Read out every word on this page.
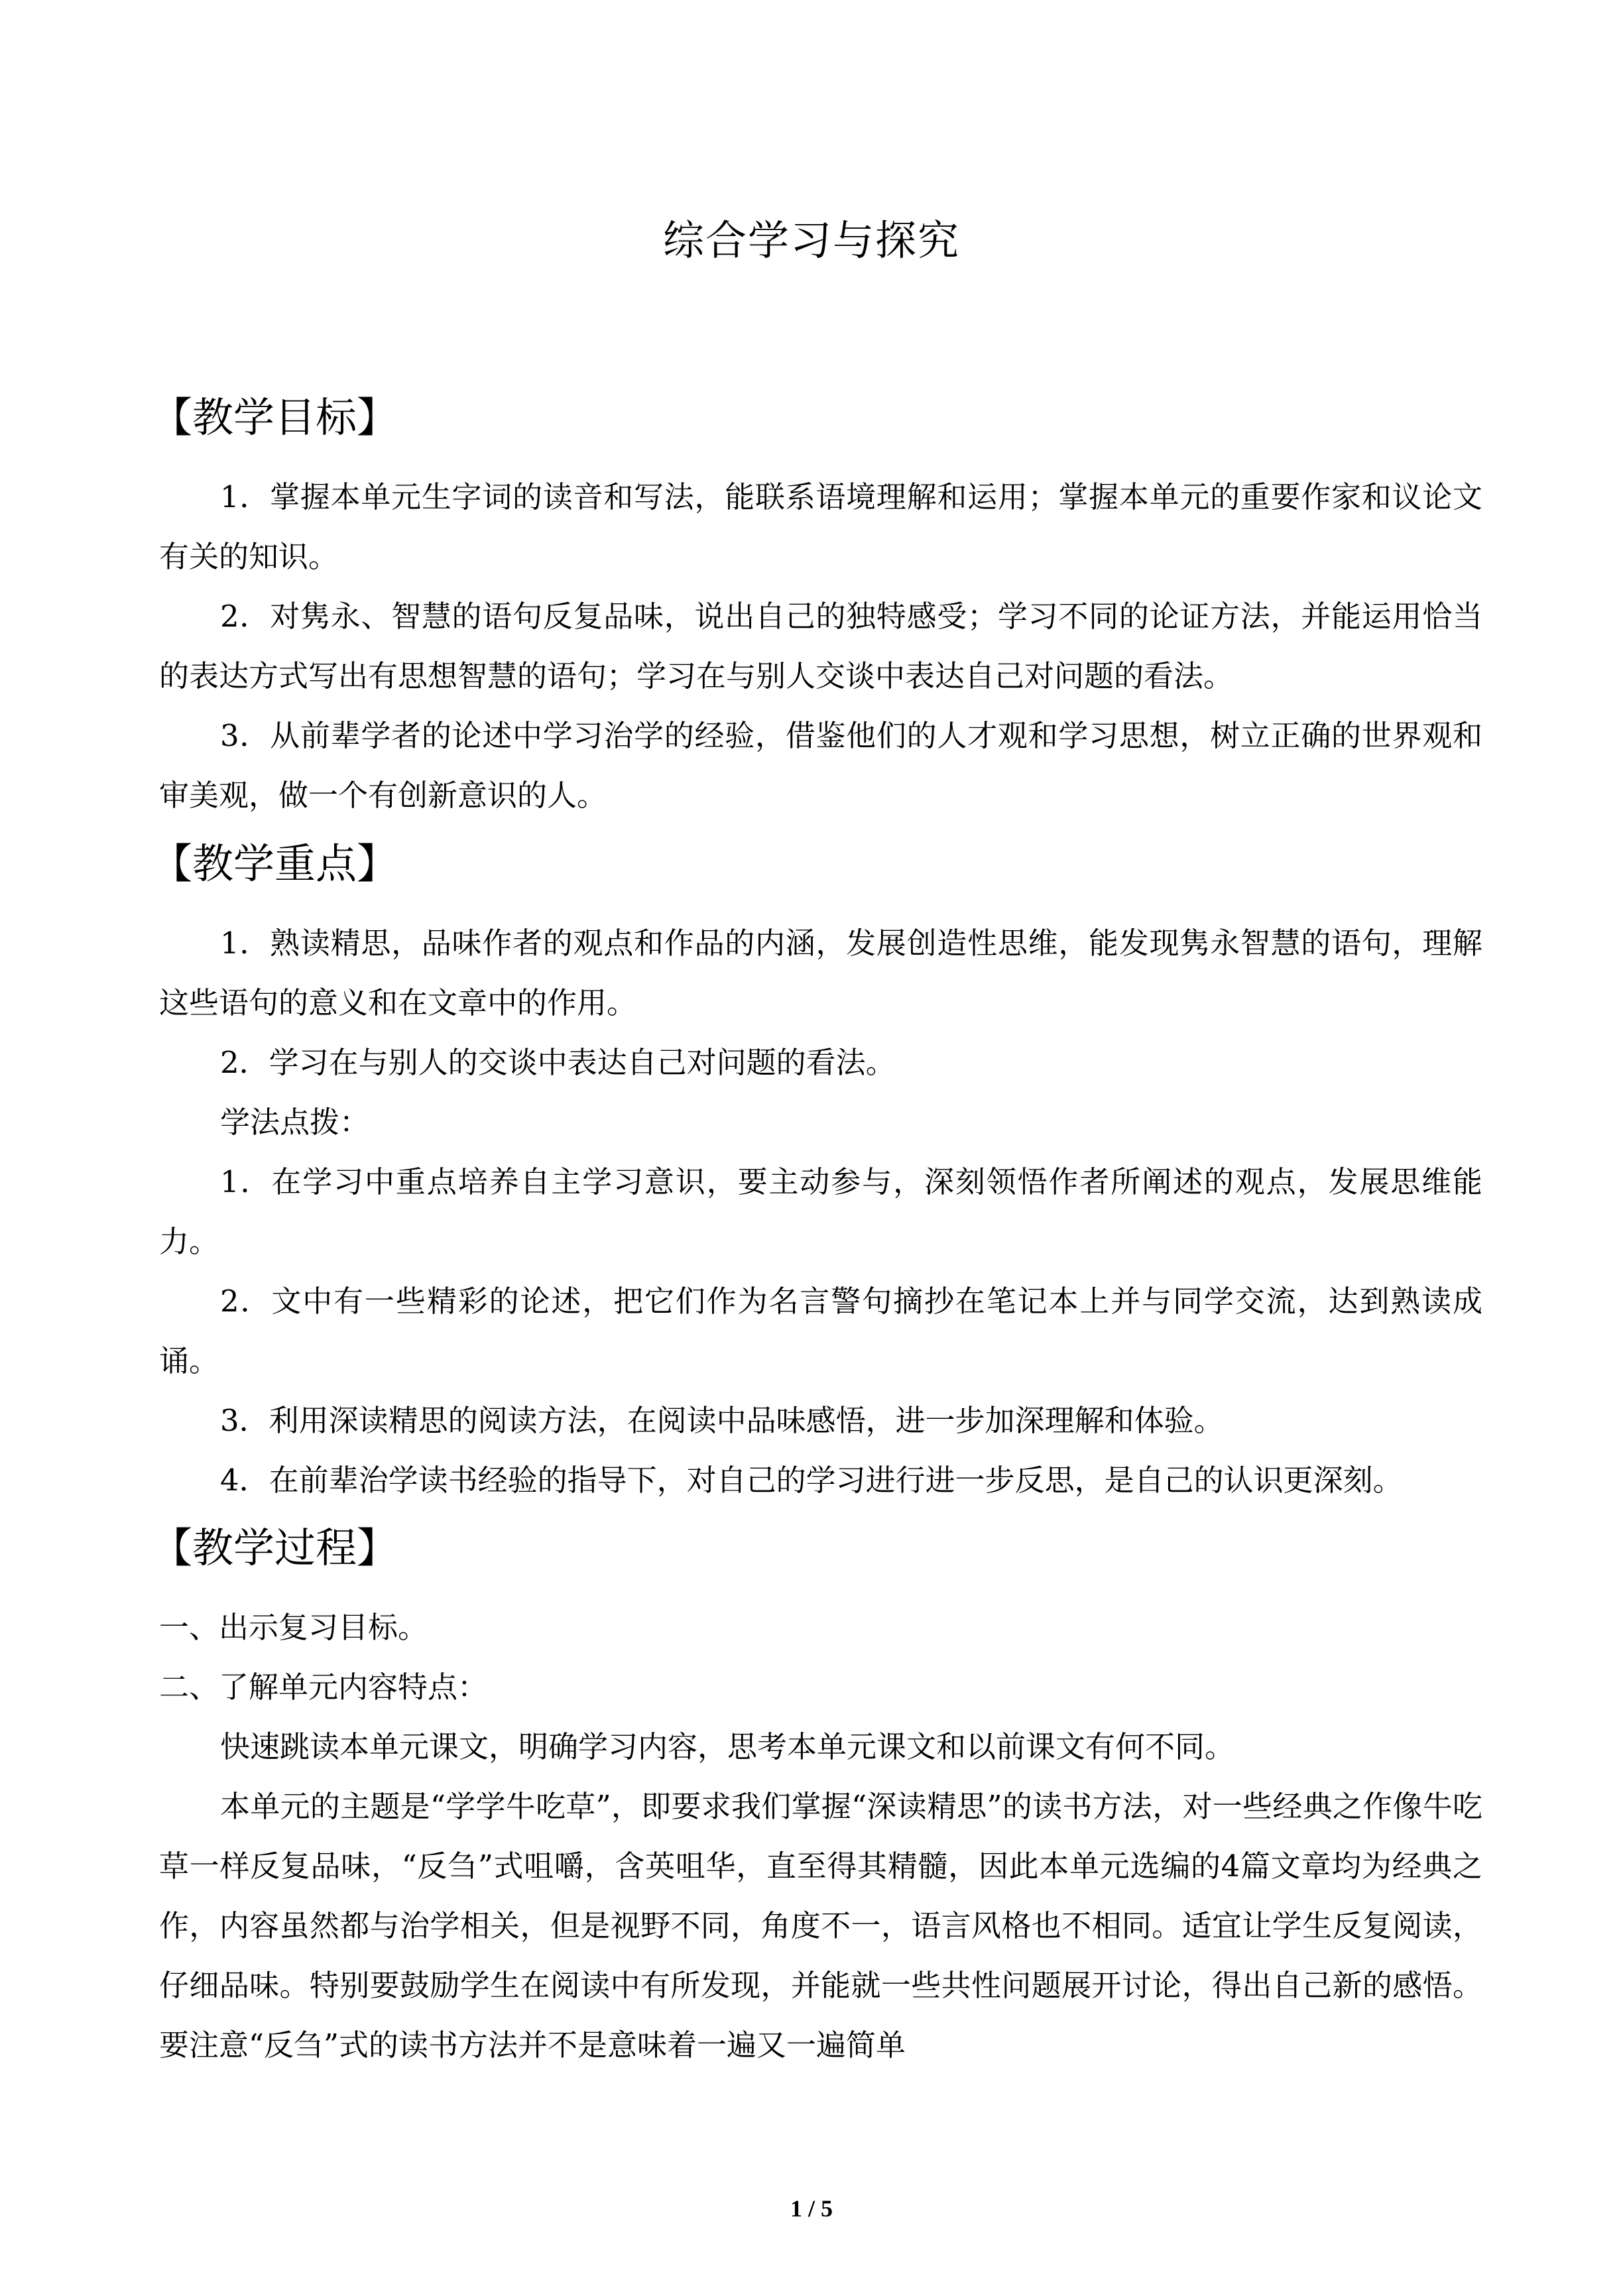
综合学习与探究
【教学目标】

1．掌握本单元生字词的读音和写法，能联系语境理解和运用；掌握本单元的重要作家和议论文有关的知识。

2．对隽永、智慧的语句反复品味，说出自己的独特感受；学习不同的论证方法，并能运用恰当的表达方式写出有思想智慧的语句；学习在与别人交谈中表达自己对问题的看法。

3．从前辈学者的论述中学习治学的经验，借鉴他们的人才观和学习思想，树立正确的世界观和审美观，做一个有创新意识的人。

【教学重点】

1．熟读精思，品味作者的观点和作品的内涵，发展创造性思维，能发现隽永智慧的语句，理解这些语句的意义和在文章中的作用。

2．学习在与别人的交谈中表达自己对问题的看法。

学法点拨：

1．在学习中重点培养自主学习意识，要主动参与，深刻领悟作者所阐述的观点，发展思维能力。

2．文中有一些精彩的论述，把它们作为名言警句摘抄在笔记本上并与同学交流，达到熟读成诵。

3．利用深读精思的阅读方法，在阅读中品味感悟，进一步加深理解和体验。

4．在前辈治学读书经验的指导下，对自己的学习进行进一步反思，是自己的认识更深刻。

【教学过程】

一、出示复习目标。

二、了解单元内容特点：

快速跳读本单元课文，明确学习内容，思考本单元课文和以前课文有何不同。

本单元的主题是“学学牛吃草”，即要求我们掌握“深读精思”的读书方法，对一些经典之作像牛吃草一样反复品味，“反刍”式咀嚼，含英咀华，直至得其精髓，因此本单元选编的4篇文章均为经典之作，内容虽然都与治学相关，但是视野不同，角度不一，语言风格也不相同。适宜让学生反复阅读，仔细品味。特别要鼓励学生在阅读中有所发现，并能就一些共性问题展开讨论，得出自己新的感悟。要注意“反刍”式的读书方法并不是意味着一遍又一遍简单

1 / 5
